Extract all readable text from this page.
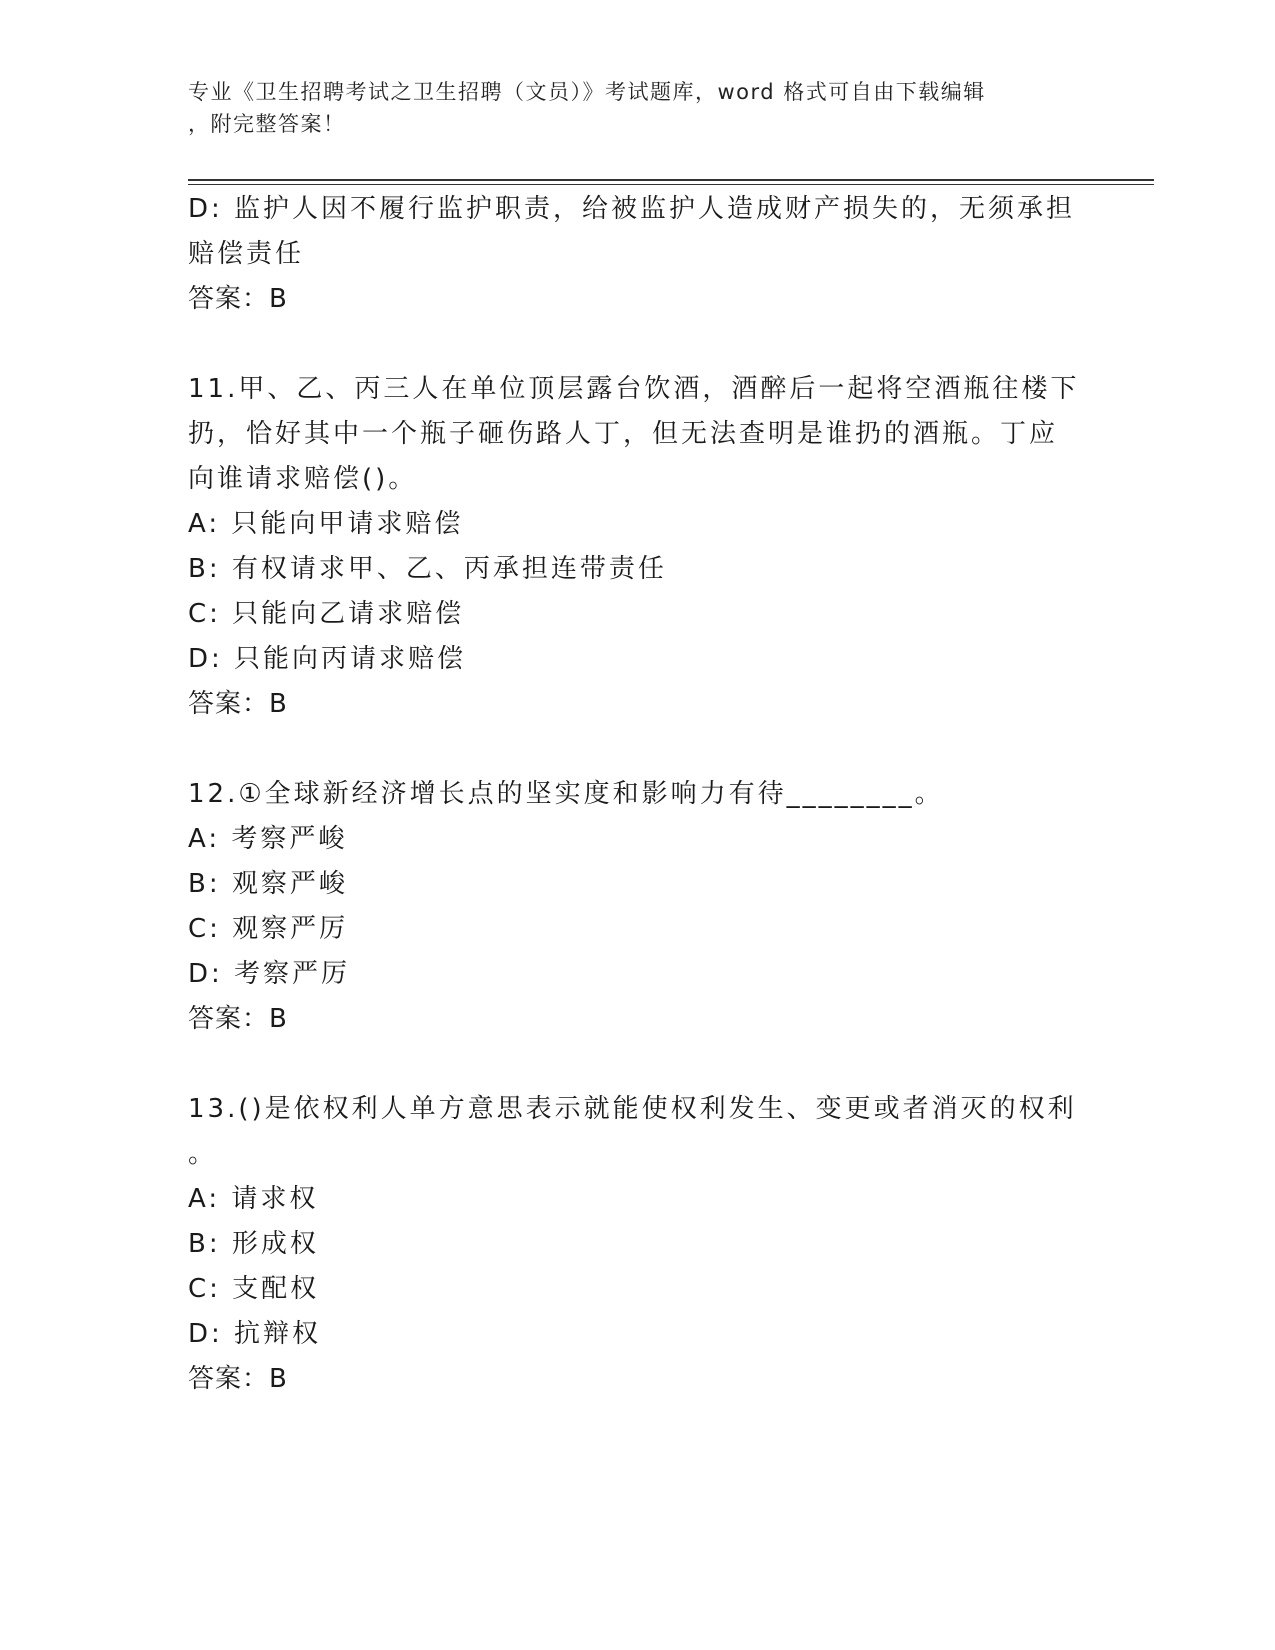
专业《卫生招聘考试之卫生招聘（文员）》考试题库，word 格式可自由下载编辑
，附完整答案！
D: 监护人因不履行监护职责，给被监护人造成财产损失的，无须承担
赔偿责任
答案：B
11.甲、乙、丙三人在单位顶层露台饮酒，酒醉后一起将空酒瓶往楼下
扔，恰好其中一个瓶子砸伤路人丁，但无法查明是谁扔的酒瓶。丁应
向谁请求赔偿()。
A: 只能向甲请求赔偿
B: 有权请求甲、乙、丙承担连带责任
C: 只能向乙请求赔偿
D: 只能向丙请求赔偿
答案：B
12.①全球新经济增长点的坚实度和影响力有待________。
A: 考察严峻
B: 观察严峻
C: 观察严厉
D: 考察严厉
答案：B
13.()是依权利人单方意思表示就能使权利发生、变更或者消灭的权利
。
A: 请求权
B: 形成权
C: 支配权
D: 抗辩权
答案：B
